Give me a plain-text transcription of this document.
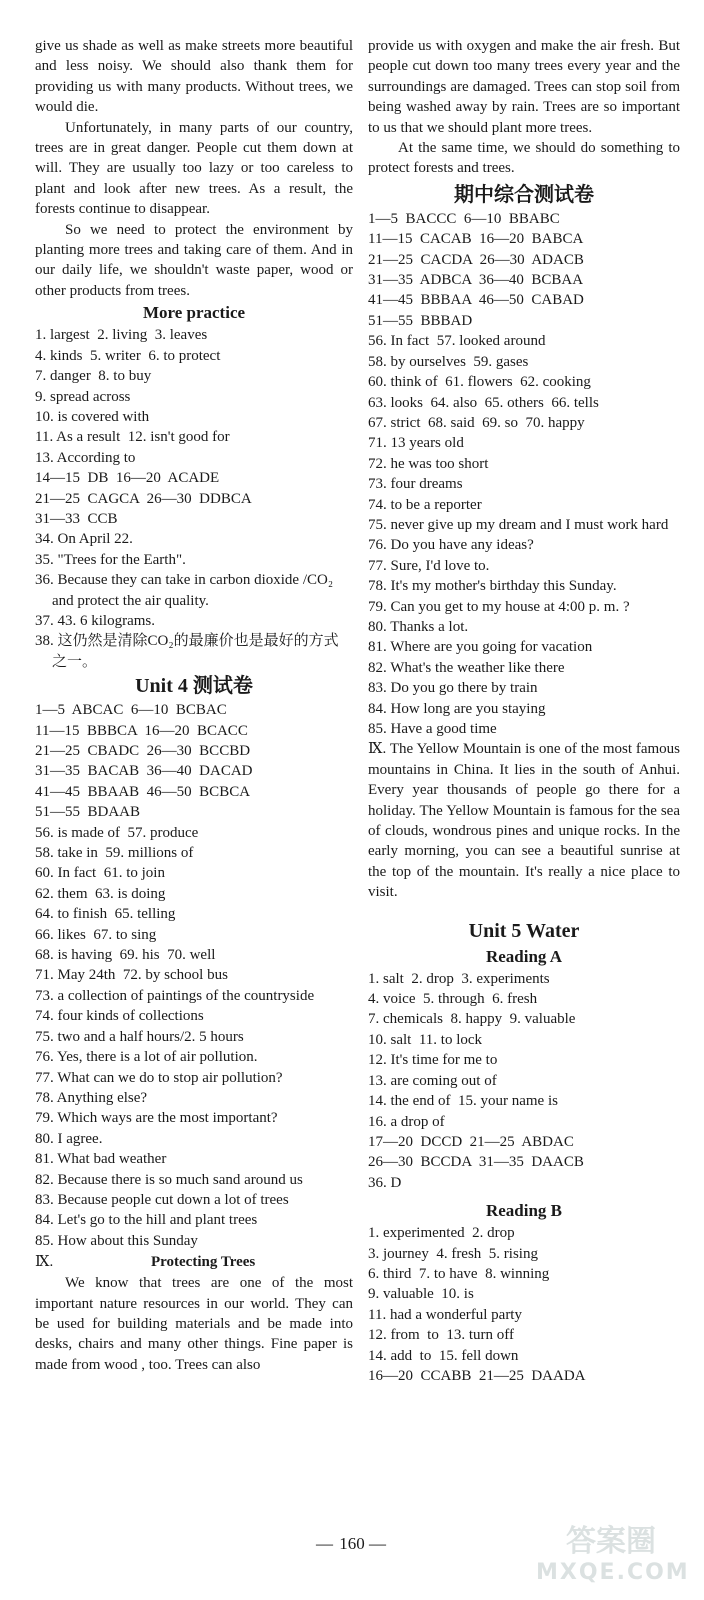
give us shade as well as make streets more beautiful and less noisy. We should also thank them for providing us with many products. Without trees, we would die.

Unfortunately, in many parts of our country, trees are in great danger. People cut them down at will. They are usually too lazy or too careless to plant and look after new trees. As a result, the forests continue to disappear.

So we need to protect the environment by planting more trees and taking care of them. And in our daily life, we shouldn't waste paper, wood or other products from trees.

More practice
1. largest  2. living  3. leaves
4. kinds  5. writer  6. to protect
7. danger  8. to buy
9. spread across
10. is covered with
11. As a result  12. isn't good for
13. According to
14—15  DB  16—20  ACADE
21—25  CAGCA  26—30  DDBCA
31—33  CCB
34. On April 22.
35. "Trees for the Earth".
36. Because they can take in carbon dioxide /CO₂ and protect the air quality.
37. 43. 6 kilograms.
38. 这仍然是清除CO₂的最廉价也是最好的方式之一。
Unit 4 测试卷
1—5  ABCAC  6—10  BCBAC
11—15  BBBCA  16—20  BCACC
21—25  CBADC  26—30  BCCBD
31—35  BACAB  36—40  DACAD
41—45  BBAAB  46—50  BCBCA
51—55  BDAAB
56. is made of  57. produce
58. take in  59. millions of
60. In fact  61. to join
62. them  63. is doing
64. to finish  65. telling
66. likes  67. to sing
68. is having  69. his  70. well
71. May 24th  72. by school bus
73. a collection of paintings of the countryside
74. four kinds of collections
75. two and a half hours/2. 5 hours
76. Yes, there is a lot of air pollution.
77. What can we do to stop air pollution?
78. Anything else?
79. Which ways are the most important?
80. I agree.
81. What bad weather
82. Because there is so much sand around us
83. Because people cut down a lot of trees
84. Let's go to the hill and plant trees
85. How about this Sunday
Ⅸ.	Protecting Trees

We know that trees are one of the most important nature resources in our world. They can be used for building materials and be made into desks, chairs and many other things. Fine paper is made from wood , too. Trees can also

provide us with oxygen and make the air fresh. But people cut down too many trees every year and the surroundings are damaged. Trees can stop soil from being washed away by rain. Trees are so important to us that we should plant more trees.

At the same time, we should do something to protect forests and trees.

期中综合测试卷
1—5  BACCC  6—10  BBABC
11—15  CACAB  16—20  BABCA
21—25  CACDA  26—30  ADACB
31—35  ADBCA  36—40  BCBAA
41—45  BBBAA  46—50  CABAD
51—55  BBBAD
56. In fact  57. looked around
58. by ourselves  59. gases
60. think of  61. flowers  62. cooking
63. looks  64. also  65. others  66. tells
67. strict  68. said  69. so  70. happy
71. 13 years old
72. he was too short
73. four dreams
74. to be a reporter
75. never give up my dream and I must work hard
76. Do you have any ideas?
77. Sure, I'd love to.
78. It's my mother's birthday this Sunday.
79. Can you get to my house at 4:00 p. m. ?
80. Thanks a lot.
81. Where are you going for vacation
82. What's the weather like there
83. Do you go there by train
84. How long are you staying
85. Have a good time

Ⅸ. The Yellow Mountain is one of the most famous mountains in China. It lies in the south of Anhui. Every year thousands of people go there for a holiday. The Yellow Mountain is famous for the sea of clouds, wondrous pines and unique rocks. In the early morning, you can see a beautiful sunrise at the top of the mountain. It's really a nice place to visit.

Unit 5 Water
Reading A
1. salt  2. drop  3. experiments
4. voice  5. through  6. fresh
7. chemicals  8. happy  9. valuable
10. salt  11. to lock
12. It's time for me to
13. are coming out of
14. the end of  15. your name is
16. a drop of
17—20  DCCD  21—25  ABDAC
26—30  BCCDA  31—35  DAACB
36. D
Reading B
1. experimented  2. drop
3. journey  4. fresh  5. rising
6. third  7. to have  8. winning
9. valuable  10. is
11. had a wonderful party
12. from  to  13. turn off
14. add  to  15. fell down
16—20  CCABB  21—25  DAADA
— 160 —	答案圈
MXQE.COM
